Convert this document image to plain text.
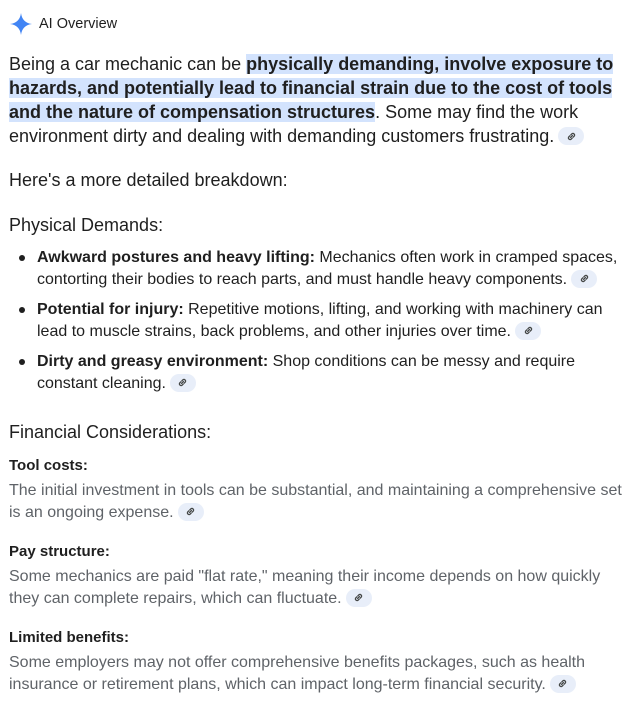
AI Overview

Being a car mechanic can be physically demanding, involve exposure to hazards, and potentially lead to financial strain due to the cost of tools and the nature of compensation structures. Some may find the work environment dirty and dealing with demanding customers frustrating.

Here's a more detailed breakdown:

Physical Demands:
Awkward postures and heavy lifting: Mechanics often work in cramped spaces, contorting their bodies to reach parts, and must handle heavy components.
Potential for injury: Repetitive motions, lifting, and working with machinery can lead to muscle strains, back problems, and other injuries over time.
Dirty and greasy environment: Shop conditions can be messy and require constant cleaning.
Financial Considerations:

Tool costs:

The initial investment in tools can be substantial, and maintaining a comprehensive set is an ongoing expense.

Pay structure:

Some mechanics are paid "flat rate," meaning their income depends on how quickly they can complete repairs, which can fluctuate.

Limited benefits:

Some employers may not offer comprehensive benefits packages, such as health insurance or retirement plans, which can impact long-term financial security.
